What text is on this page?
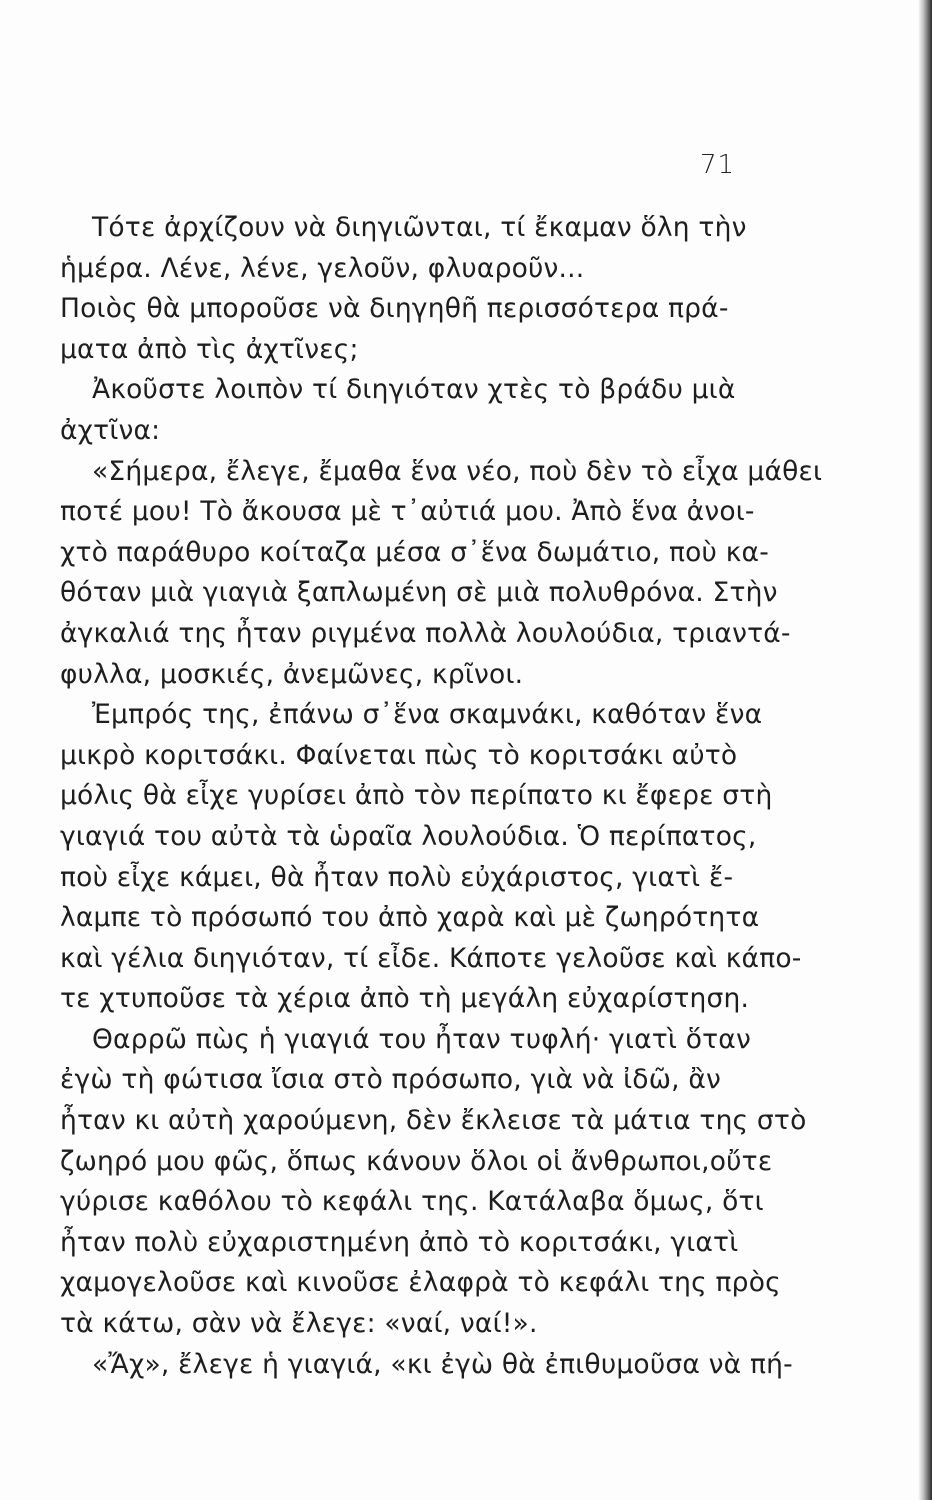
71
Τότε ἀρχίζουν νὰ διηγιῶνται, τί ἔκαμαν ὅλη τὴν
ἡμέρα. Λένε, λένε, γελοῦν, φλυαροῦν...
Ποιὸς θὰ μποροῦσε νὰ διηγηθῆ περισσότερα πρά-
ματα ἀπὸ τὶς ἀχτῖνες;
Ἀκοῦστε λοιπὸν τί διηγιόταν χτὲς τὸ βράδυ μιὰ
ἀχτῖνα:
«Σήμερα, ἔλεγε, ἔμαθα ἕνα νέο, ποὺ δὲν τὸ εἶχα μάθει
ποτέ μου! Τὸ ἄκουσα μὲ τ᾽αὐτιά μου. Ἀπὸ ἕνα ἀνοι-
χτὸ παράθυρο κοίταζα μέσα σ᾽ἕνα δωμάτιο, ποὺ κα-
θόταν μιὰ γιαγιὰ ξαπλωμένη σὲ μιὰ πολυθρόνα. Στὴν
ἀγκαλιά της ἦταν ριγμένα πολλὰ λουλούδια, τριαντά-
φυλλα, μοσκιές, ἀνεμῶνες, κρῖνοι.
Ἐμπρός της, ἐπάνω σ᾽ἕνα σκαμνάκι, καθόταν ἕνα
μικρὸ κοριτσάκι. Φαίνεται πὼς τὸ κοριτσάκι αὐτὸ
μόλις θὰ εἶχε γυρίσει ἀπὸ τὸν περίπατο κι ἔφερε στὴ
γιαγιά του αὐτὰ τὰ ὡραῖα λουλούδια. Ὁ περίπατος,
ποὺ εἶχε κάμει, θὰ ἦταν πολὺ εὐχάριστος, γιατὶ ἔ-
λαμπε τὸ πρόσωπό του ἀπὸ χαρὰ καὶ μὲ ζωηρότητα
καὶ γέλια διηγιόταν, τί εἶδε. Κάποτε γελοῦσε καὶ κάπο-
τε χτυποῦσε τὰ χέρια ἀπὸ τὴ μεγάλη εὐχαρίστηση.
Θαρρῶ πὼς ἡ γιαγιά του ἦταν τυφλή· γιατὶ ὅταν
ἐγὼ τὴ φώτισα ἴσια στὸ πρόσωπο, γιὰ νὰ ἰδῶ, ἂν
ἦταν κι αὐτὴ χαρούμενη, δὲν ἔκλεισε τὰ μάτια της στὸ
ζωηρό μου φῶς, ὅπως κάνουν ὅλοι οἱ ἄνθρωποι,οὔτε
γύρισε καθόλου τὸ κεφάλι της. Κατάλαβα ὅμως, ὅτι
ἦταν πολὺ εὐχαριστημένη ἀπὸ τὸ κοριτσάκι, γιατὶ
χαμογελοῦσε καὶ κινοῦσε ἐλαφρὰ τὸ κεφάλι της πρὸς
τὰ κάτω, σὰν νὰ ἔλεγε: «ναί, ναί!».
«Ἄχ», ἔλεγε ἡ γιαγιά, «κι ἐγὼ θὰ ἐπιθυμοῦσα νὰ πή-
